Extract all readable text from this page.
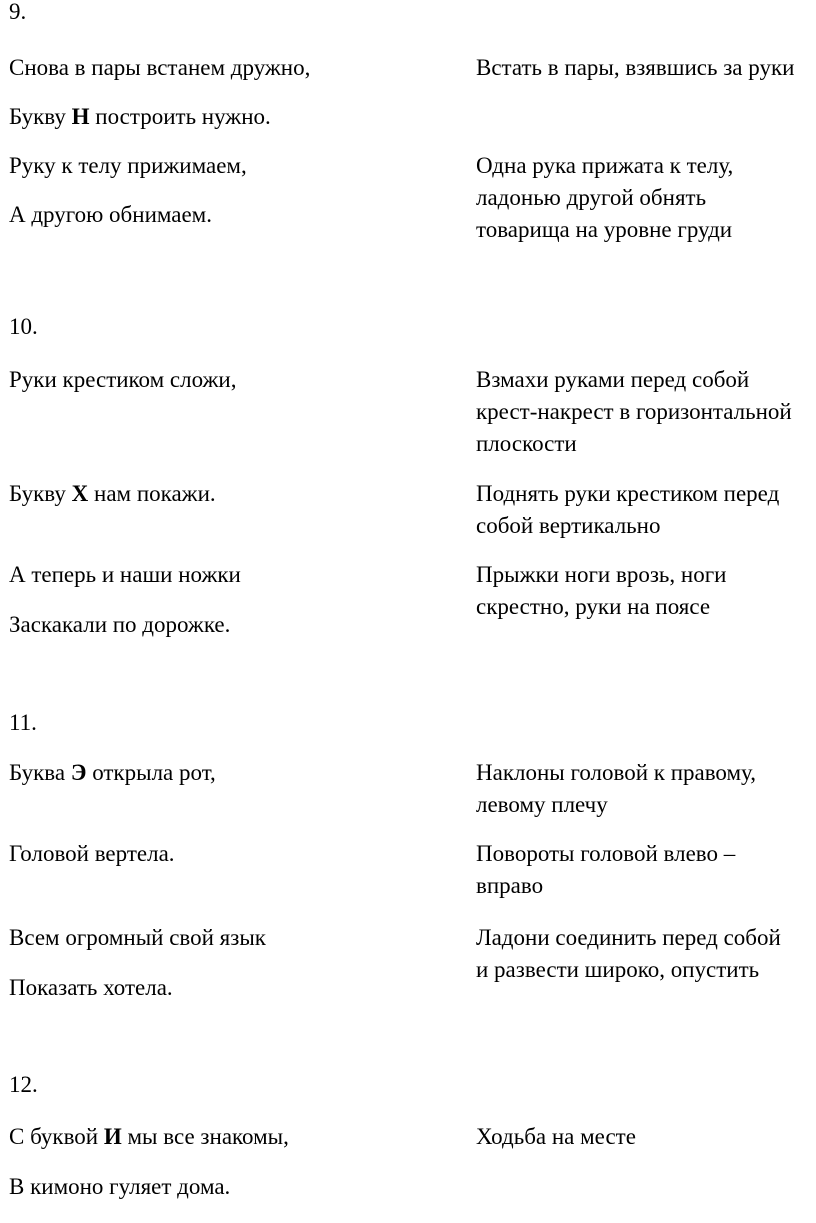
9.
Снова в пары встанем дружно,
Букву Н построить нужно.
Руку к телу прижимаем,
А другою обнимаем.
Встать в пары, взявшись за руки
Одна рука прижата к телу,
ладонью другой обнять
товарища на уровне груди
10.
Руки крестиком сложи,
Букву Х нам покажи.
А теперь и наши ножки
Заскакали по дорожке.
Взмахи руками перед собой
крест-накрест в горизонтальной
плоскости
Поднять руки крестиком перед
собой вертикально
Прыжки ноги врозь, ноги
скрестно, руки на поясе
11.
Буква Э открыла рот,
Головой вертела.
Всем огромный свой язык
Показать хотела.
Наклоны головой к правому,
левому плечу
Повороты головой влево –
вправо
Ладони соединить перед собой
и развести широко, опустить
12.
С буквой И мы все знакомы,
В кимоно гуляет дома.
Ходьба на месте
